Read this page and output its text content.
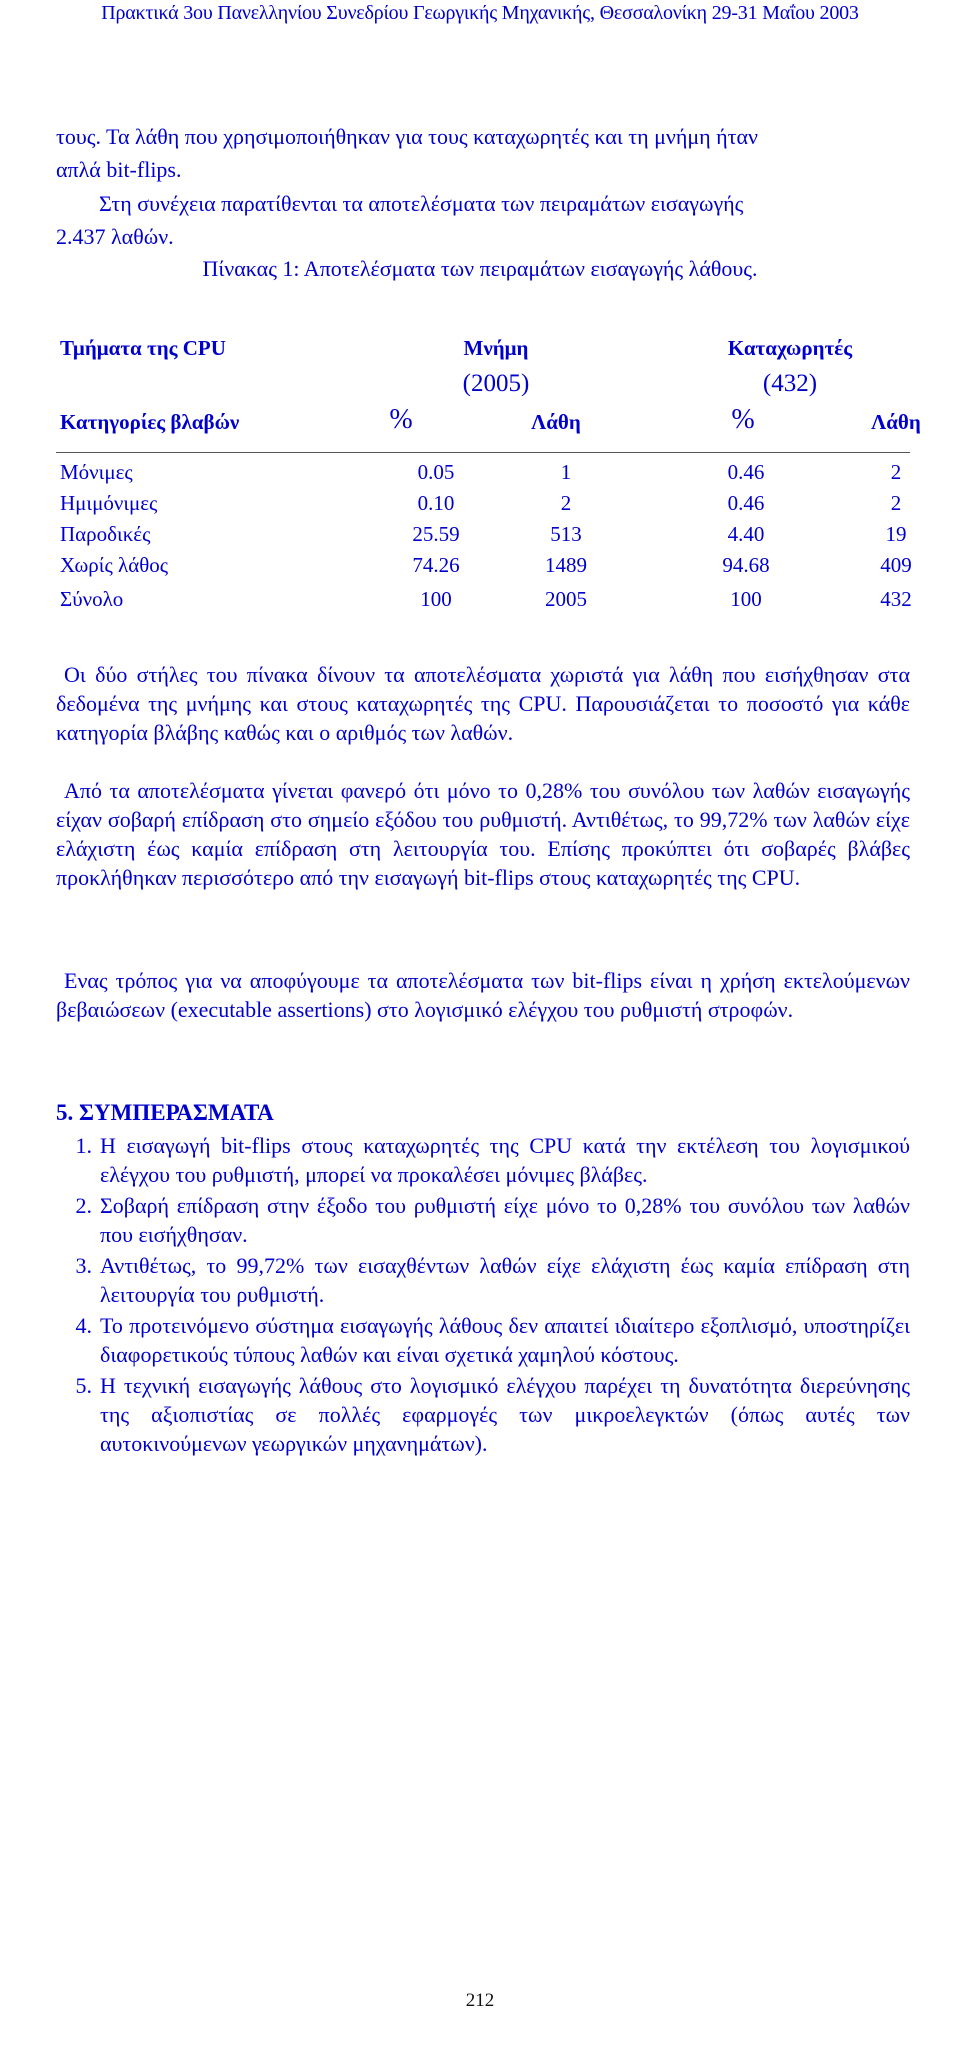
Πρακτικά 3ου Πανελληνίου Συνεδρίου Γεωργικής Μηχανικής, Θεσσαλονίκη 29-31 Μαΐου 2003
τους. Τα λάθη που χρησιμοποιήθηκαν για τους καταχωρητές και τη μνήμη ήταν
απλά bit-flips.
Στη συνέχεια παρατίθενται τα αποτελέσματα των πειραμάτων εισαγωγής
2.437 λαθών.
Πίνακας 1: Αποτελέσματα των πειραμάτων εισαγωγής λάθους.
Τμήματα της CPU	Μνήμη	Καταχωρητές
(2005)	(432)
Κατηγορίες βλαβών	%	Λάθη	%	Λάθη
Μόνιμες	0.05	1	0.46	2
Ημιμόνιμες	0.10	2	0.46	2
Παροδικές	25.59	513	4.40	19
Χωρίς λάθος	74.26	1489	94.68	409
Σύνολο	100	2005	100	432

Οι δύο στήλες του πίνακα δίνουν τα αποτελέσματα χωριστά για λάθη που εισήχθησαν στα δεδομένα της μνήμης και στους καταχωρητές της CPU. Παρουσιάζεται το ποσοστό για κάθε κατηγορία βλάβης καθώς και ο αριθμός των λαθών.

Από τα αποτελέσματα γίνεται φανερό ότι μόνο το 0,28% του συνόλου των λαθών εισαγωγής είχαν σοβαρή επίδραση στο σημείο εξόδου του ρυθμιστή. Αντιθέτως, το 99,72% των λαθών είχε ελάχιστη έως καμία επίδραση στη λειτουργία του. Επίσης προκύπτει ότι σοβαρές βλάβες προκλήθηκαν περισσότερο από την εισαγωγή bit-flips στους καταχωρητές της CPU.

Ενας τρόπος για να αποφύγουμε τα αποτελέσματα των bit-flips είναι η χρήση εκτελούμενων βεβαιώσεων (executable assertions) στο λογισμικό ελέγχου του ρυθμιστή στροφών.

5. ΣΥΜΠΕΡΑΣΜΑΤΑ
1. Η εισαγωγή bit-flips στους καταχωρητές της CPU κατά την εκτέλεση του λογισμικού ελέγχου του ρυθμιστή, μπορεί να προκαλέσει μόνιμες βλάβες.
2. Σοβαρή επίδραση στην έξοδο του ρυθμιστή είχε μόνο το 0,28% του συνόλου των λαθών που εισήχθησαν.
3. Αντιθέτως, το 99,72% των εισαχθέντων λαθών είχε ελάχιστη έως καμία επίδραση στη λειτουργία του ρυθμιστή.
4. Το προτεινόμενο σύστημα εισαγωγής λάθους δεν απαιτεί ιδιαίτερο εξοπλισμό, υποστηρίζει διαφορετικούς τύπους λαθών και είναι σχετικά χαμηλού κόστους.
5. Η τεχνική εισαγωγής λάθους στο λογισμικό ελέγχου παρέχει τη δυνατότητα διερεύνησης της αξιοπιστίας σε πολλές εφαρμογές των μικροελεγκτών (όπως αυτές των αυτοκινούμενων γεωργικών μηχανημάτων).
212
